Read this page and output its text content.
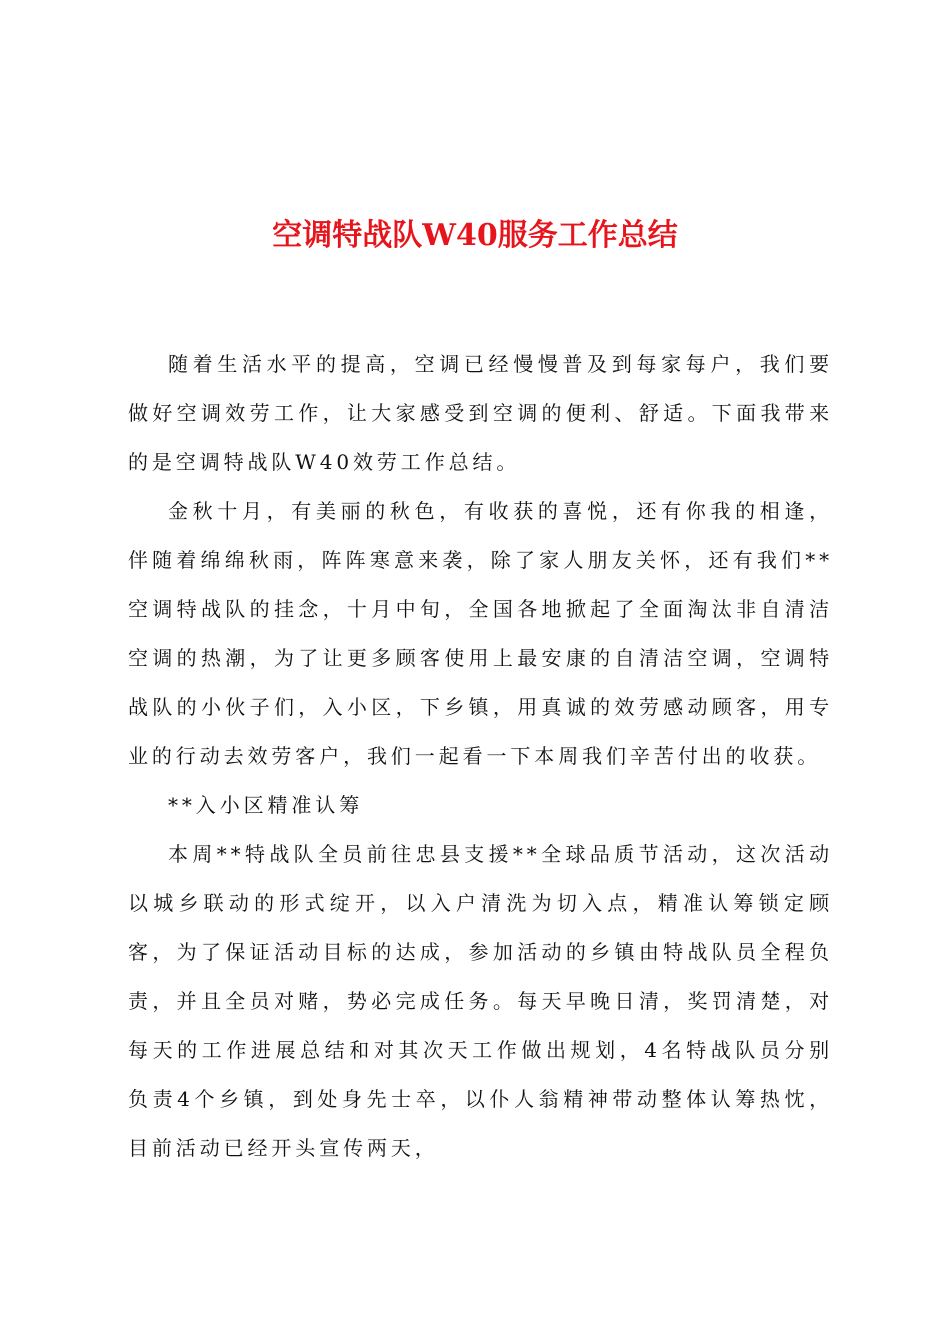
空调特战队W40服务工作总结

随着生活水平的提高，空调已经慢慢普及到每家每户，我们要做好空调效劳工作，让大家感受到空调的便利、舒适。下面我带来的是空调特战队W40效劳工作总结。

金秋十月，有美丽的秋色，有收获的喜悦，还有你我的相逢，伴随着绵绵秋雨，阵阵寒意来袭，除了家人朋友关怀，还有我们**空调特战队的挂念，十月中旬，全国各地掀起了全面淘汰非自清洁空调的热潮，为了让更多顾客使用上最安康的自清洁空调，空调特战队的小伙子们，入小区，下乡镇，用真诚的效劳感动顾客，用专业的行动去效劳客户，我们一起看一下本周我们辛苦付出的收获。

**入小区精准认筹

本周**特战队全员前往忠县支援**全球品质节活动，这次活动以城乡联动的形式绽开，以入户清洗为切入点，精准认筹锁定顾客，为了保证活动目标的达成，参加活动的乡镇由特战队员全程负责，并且全员对赌，势必完成任务。每天早晚日清，奖罚清楚，对每天的工作进展总结和对其次天工作做出规划，4名特战队员分别负责4个乡镇，到处身先士卒，以仆人翁精神带动整体认筹热忱，目前活动已经开头宣传两天，
